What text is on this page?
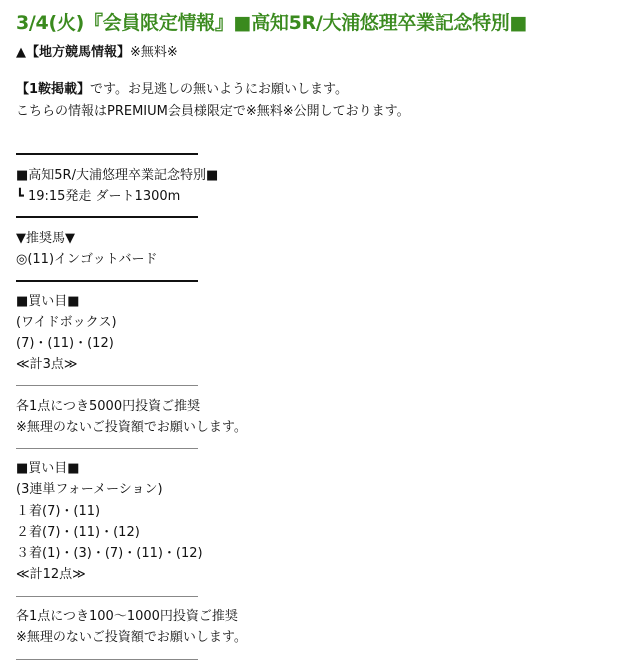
3/4(火)『会員限定情報』■高知5R/大浦悠理卒業記念特別■
▲【地方競馬情報】※無料※
【1鞍掲載】です。お見逃しの無いようにお願いします。
こちらの情報はPREMIUM会員様限定で※無料※公開しております。
■高知5R/大浦悠理卒業記念特別■
┗ 19:15発走 ダート1300m
▼推奨馬▼
◎(11)インゴットバード
■買い目■
(ワイドボックス)
(7)・(11)・(12)
≪計3点≫
各1点につき5000円投資ご推奨
※無理のないご投資額でお願いします。
■買い目■
(3連単フォーメーション)
１着(7)・(11)
２着(7)・(11)・(12)
３着(1)・(3)・(7)・(11)・(12)
≪計12点≫
各1点につき100〜1000円投資ご推奨
※無理のないご投資額でお願いします。
